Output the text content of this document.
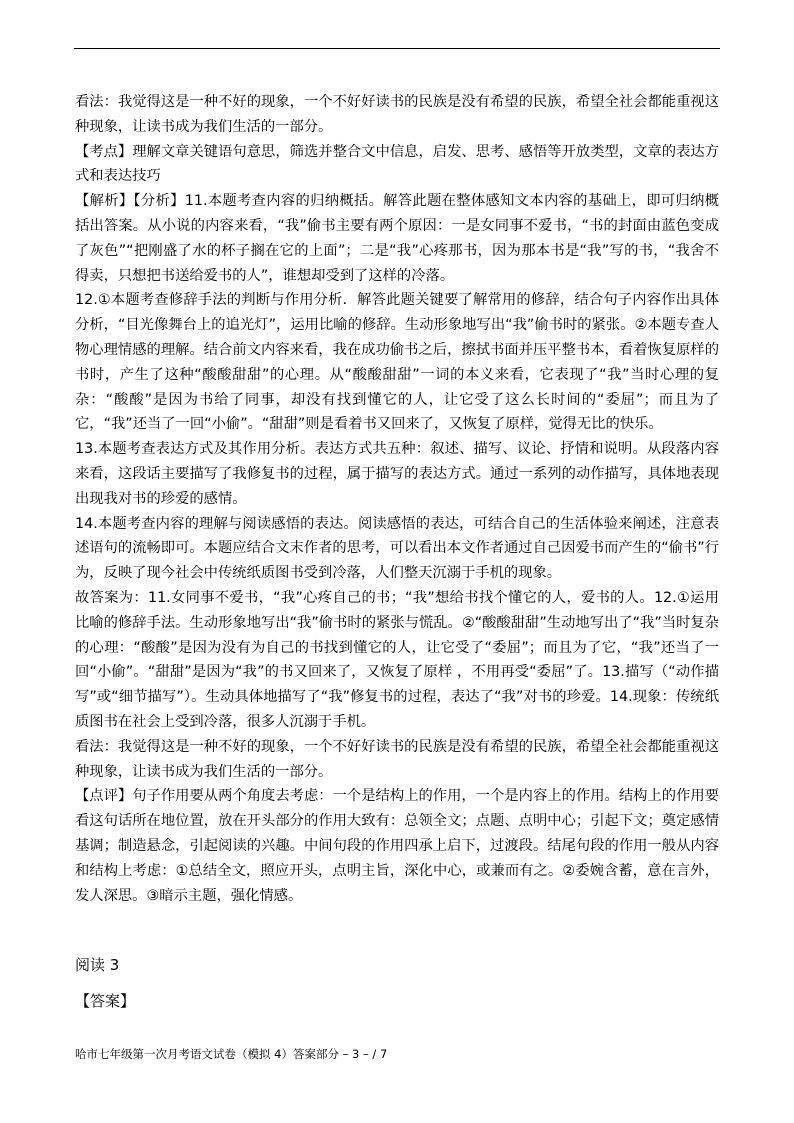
看法：我觉得这是一种不好的现象，一个不好好读书的民族是没有希望的民族，希望全社会都能重视这种现象，让读书成为我们生活的一部分。

【考点】理解文章关键语句意思，筛选并整合文中信息，启发、思考、感悟等开放类型，文章的表达方式和表达技巧

【解析】【分析】11.本题考查内容的归纳概括。解答此题在整体感知文本内容的基础上，即可归纳概括出答案。从小说的内容来看，“我”偷书主要有两个原因：一是女同事不爱书，“书的封面由蓝色变成了灰色”“把刚盛了水的杯子搁在它的上面”；二是“我”心疼那书，因为那本书是“我”写的书，“我舍不得卖，只想把书送给爱书的人”，谁想却受到了这样的冷落。

12.①本题考查修辞手法的判断与作用分析．解答此题关键要了解常用的修辞，结合句子内容作出具体分析，“目光像舞台上的追光灯”，运用比喻的修辞。生动形象地写出“我”偷书时的紧张。②本题专查人物心理情感的理解。结合前文内容来看，我在成功偷书之后，擦拭书面并压平整书本，看着恢复原样的书时，产生了这种“酸酸甜甜”的心理。从“酸酸甜甜”一词的本义来看，它表现了“我”当时心理的复杂：“酸酸”是因为书给了同事，却没有找到懂它的人，让它受了这么长时间的“委屈”；而且为了它，“我”还当了一回“小偷”。“甜甜”则是看着书又回来了，又恢复了原样，觉得无比的快乐。

13.本题考查表达方式及其作用分析。表达方式共五种：叙述、描写、议论、抒情和说明。从段落内容来看，这段话主要描写了我修复书的过程，属于描写的表达方式。通过一系列的动作描写，具体地表现出现我对书的珍爱的感情。

14.本题考查内容的理解与阅读感悟的表达。阅读感悟的表达，可结合自己的生活体验来阐述，注意表述语句的流畅即可。本题应结合文末作者的思考，可以看出本文作者通过自己因爱书而产生的“偷书”行为，反映了现今社会中传统纸质图书受到冷落，人们整天沉溺于手机的现象。

故答案为：11.女同事不爱书，“我”心疼自己的书；“我”想给书找个懂它的人，爱书的人。12.①运用比喻的修辞手法。生动形象地写出“我”偷书时的紧张与慌乱。②“酸酸甜甜”生动地写出了“我”当时复杂的心理：“酸酸”是因为没有为自己的书找到懂它的人，让它受了“委屈”；而且为了它，“我”还当了一回“小偷”。“甜甜”是因为“我”的书又回来了，又恢复了原样 ，不用再受“委屈”了。13.描写（“动作描写”或“细节描写”）。生动具体地描写了“我”修复书的过程，表达了“我”对书的珍爱。14.现象：传统纸质图书在社会上受到冷落，很多人沉溺于手机。

看法：我觉得这是一种不好的现象，一个不好好读书的民族是没有希望的民族，希望全社会都能重视这种现象，让读书成为我们生活的一部分。

【点评】句子作用要从两个角度去考虑：一个是结构上的作用，一个是内容上的作用。结构上的作用要看这句话所在地位置，放在开头部分的作用大致有：总领全文；点题、点明中心；引起下文；奠定感情基调；制造悬念，引起阅读的兴趣。中间句段的作用四承上启下，过渡段。结尾句段的作用一般从内容和结构上考虑：①总结全文，照应开头，点明主旨，深化中心，或兼而有之。②委婉含蓄，意在言外，发人深思。③暗示主题，强化情感。

阅读 3

【答案】

哈市七年级第一次月考语文试卷（模拟 4）答案部分 – 3 – / 7
